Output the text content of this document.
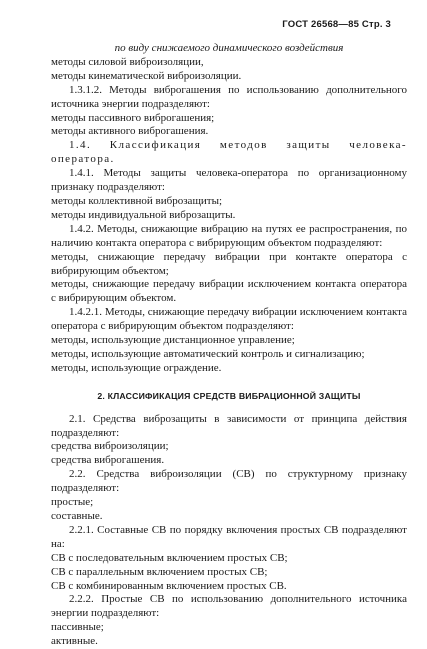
ГОСТ 26568—85 Стр. 3

по виду снижаемого динамического воздействия

методы силовой виброизоляции,

методы кинематической виброизоляции.

1.3.1.2. Методы виброгашения по использованию дополнительного источника энергии подразделяют:

методы пассивного виброгашения;

методы активного виброгашения.

1.4. Классификация методов защиты человека-оператора.

1.4.1. Методы защиты человека-оператора по организационному признаку подразделяют:

методы коллективной виброзащиты;

методы индивидуальной виброзащиты.

1.4.2. Методы, снижающие вибрацию на путях ее распространения, по наличию контакта оператора с вибрирующим объектом подразделяют:

методы, снижающие передачу вибрации при контакте оператора с вибрирующим объектом;

методы, снижающие передачу вибрации исключением контакта оператора с вибрирующим объектом.

1.4.2.1. Методы, снижающие передачу вибрации исключением контакта оператора с вибрирующим объектом подразделяют:

методы, использующие дистанционное управление;

методы, использующие автоматический контроль и сигнализацию;

методы, использующие ограждение.

2. КЛАССИФИКАЦИЯ СРЕДСТВ ВИБРАЦИОННОЙ ЗАЩИТЫ

2.1. Средства виброзащиты в зависимости от принципа действия подразделяют:

средства виброизоляции;

средства виброгашения.

2.2. Средства виброизоляции (СВ) по структурному признаку подразделяют:

простые;

составные.

2.2.1. Составные СВ по порядку включения простых СВ подразделяют на:

СВ с последовательным включением простых СВ;

СВ с параллельным включением простых СВ;

СВ с комбинированным включением простых СВ.

2.2.2. Простые СВ по использованию дополнительного источника энергии подразделяют:

пассивные;

активные.
